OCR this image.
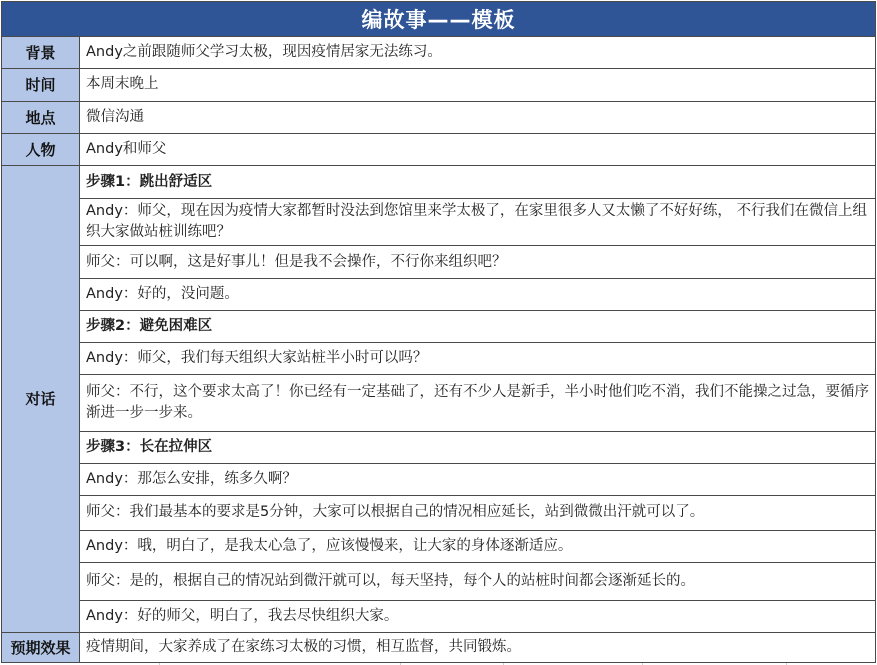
编故事——模板	
背景	Andy之前跟随师父学习太极，现因疫情居家无法练习。
时间	本周末晚上
地点	微信沟通
人物	Andy和师父
对话	步骤1：跳出舒适区
	Andy：师父，现在因为疫情大家都暂时没法到您馆里来学太极了，在家里很多人又太懒了不好好练， 不行我们在微信上组织大家做站桩训练吧？
	师父：可以啊，这是好事儿！但是我不会操作，不行你来组织吧？
	Andy：好的，没问题。
	步骤2：避免困难区
	Andy：师父，我们每天组织大家站桩半小时可以吗？
	师父：不行，这个要求太高了！你已经有一定基础了，还有不少人是新手，半小时他们吃不消，我们不能操之过急，要循序渐进一步一步来。
	步骤3：长在拉伸区
	Andy：那怎么安排，练多久啊？
	师父：我们最基本的要求是5分钟，大家可以根据自己的情况相应延长，站到微微出汗就可以了。
	Andy：哦，明白了，是我太心急了，应该慢慢来，让大家的身体逐渐适应。
	师父：是的，根据自己的情况站到微汗就可以，每天坚持，每个人的站桩时间都会逐渐延长的。
	Andy：好的师父，明白了，我去尽快组织大家。
预期效果	疫情期间，大家养成了在家练习太极的习惯，相互监督，共同锻炼。
